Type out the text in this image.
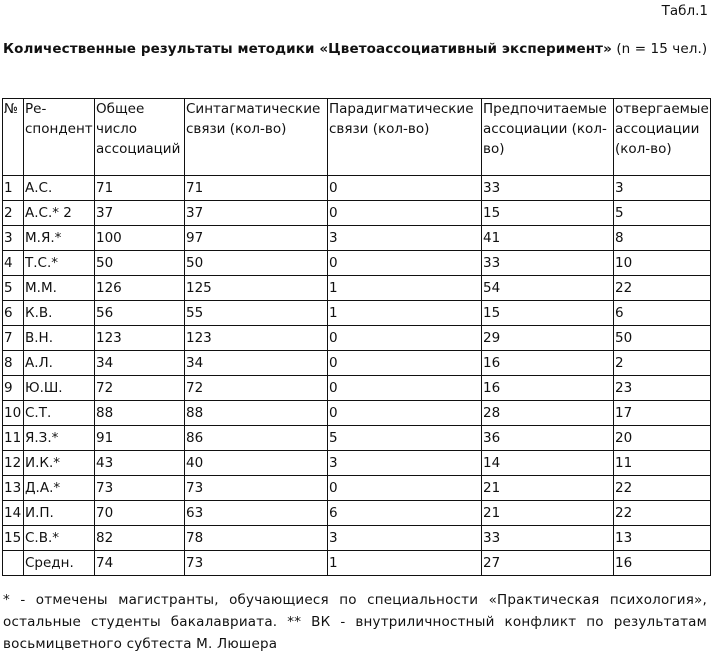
Табл.1
Количественные результаты методики «Цветоассоциативный эксперимент» (n = 15 чел.)
№	Ре-спондент	Общее число ассоциаций	Синтагматические связи (кол-во)	Парадигматические связи (кол-во)	Предпочитаемые ассоциации (кол-во)	отвергаемые ассоциации (кол-во)
1	А.С.	71	71	0	33	3
2	А.С.* 2	37	37	0	15	5
3	М.Я.*	100	97	3	41	8
4	Т.С.*	50	50	0	33	10
5	М.М.	126	125	1	54	22
6	К.В.	56	55	1	15	6
7	В.Н.	123	123	0	29	50
8	А.Л.	34	34	0	16	2
9	Ю.Ш.	72	72	0	16	23
10	С.Т.	88	88	0	28	17
11	Я.З.*	91	86	5	36	20
12	И.К.*	43	40	3	14	11
13	Д.А.*	73	73	0	21	22
14	И.П.	70	63	6	21	22
15	С.В.*	82	78	3	33	13
	Средн.	74	73	1	27	16
* - отмечены магистранты, обучающиеся по специальности «Практическая психология», остальные студенты бакалавриата. ** ВК - внутриличностный конфликт по результатам восьмицветного субтеста М. Люшера
